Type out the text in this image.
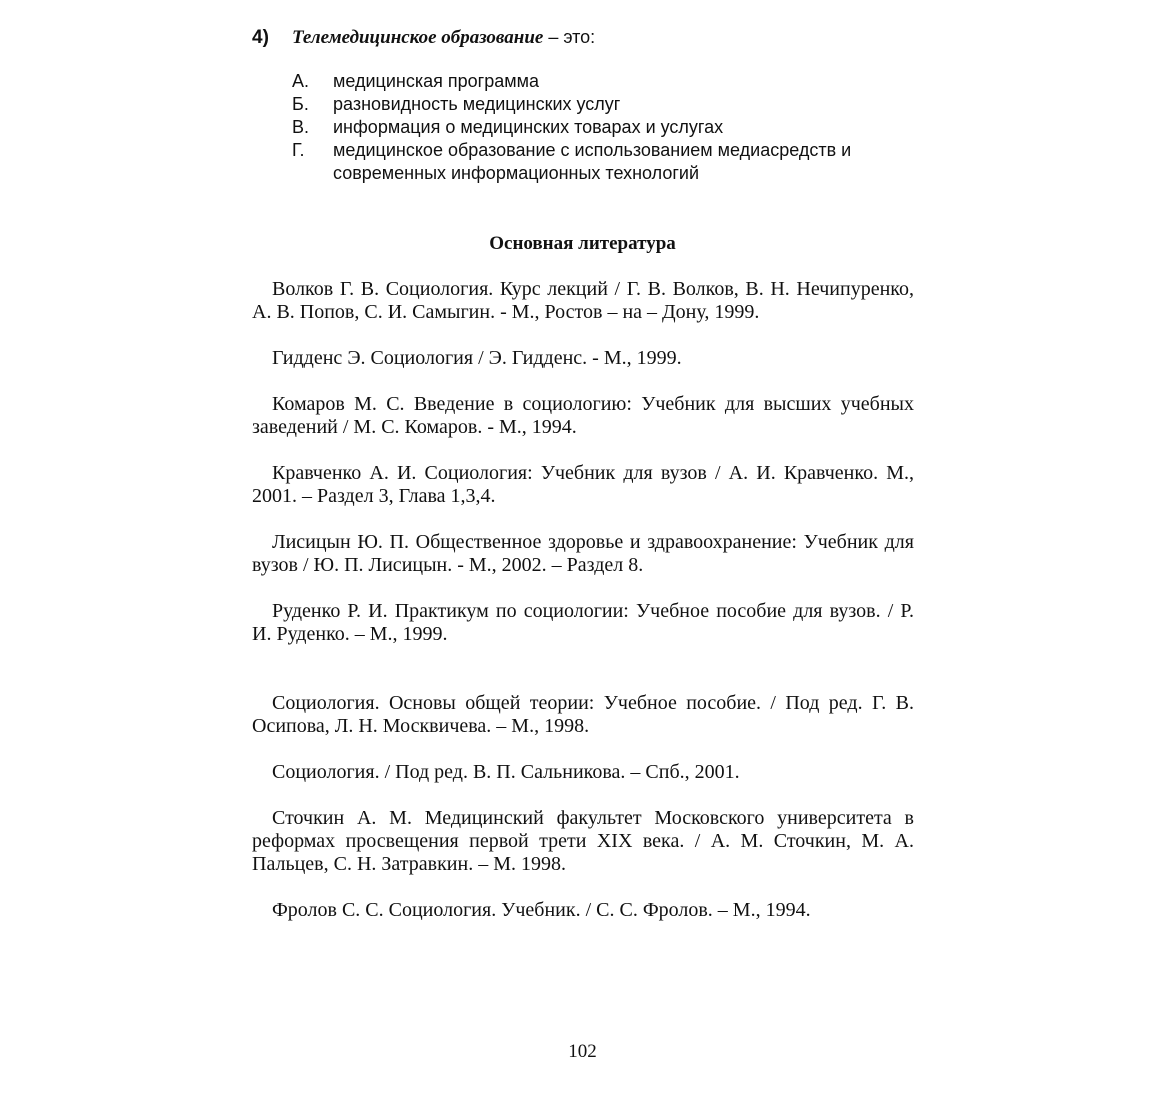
4) Телемедицинское образование – это:
А.	медицинская программа
Б.	разновидность медицинских услуг
В.	информация о медицинских товарах и услугах
Г.	медицинское образование с использованием медиасредств и современных информационных технологий
Основная литература

Волков Г. В. Социология. Курс лекций / Г. В. Волков, В. Н. Нечипуренко, А. В. Попов, С. И. Самыгин. - М., Ростов – на – Дону, 1999.

Гидденс Э. Социология / Э. Гидденс. - М., 1999.

Комаров М. С. Введение в социологию: Учебник для высших учебных заведений / М. С. Комаров. - М., 1994.

Кравченко А. И. Социология: Учебник для вузов / А. И. Кравченко. М., 2001. – Раздел 3, Глава 1,3,4.

Лисицын Ю. П. Общественное здоровье и здравоохранение: Учебник для вузов / Ю. П. Лисицын. - М., 2002. – Раздел 8.

Руденко Р. И. Практикум по социологии: Учебное пособие для вузов. / Р. И. Руденко. – М., 1999.

Социология. Основы общей теории: Учебное пособие. / Под ред. Г. В. Осипова, Л. Н. Москвичева. – М., 1998.

Социология. / Под ред. В. П. Сальникова. – Спб., 2001.

Сточкин А. М. Медицинский факультет Московского университета в реформах просвещения первой трети XIX века. / А. М. Сточкин, М. А. Пальцев, С. Н. Затравкин. – М. 1998.

Фролов С. С. Социология. Учебник. / С. С. Фролов. – М., 1994.

102
